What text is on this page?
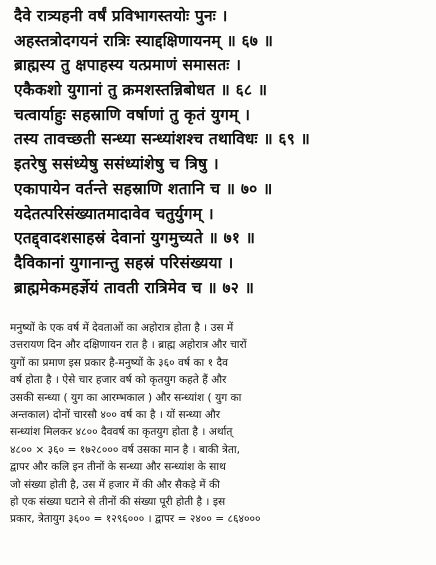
दैवे रात्र्यहनी वर्षं प्रविभागस्तयोः पुनः ।
अहस्तत्रोदगयनं रात्रिः स्याद्दक्षिणायनम् ॥ ६७ ॥
ब्राह्मस्य तु क्षपाहस्य यत्प्रमाणं समासतः ।
एकैकशो युगानां तु क्रमशस्तन्निबोधत ॥ ६८ ॥
चत्वार्याहुः सहस्राणि वर्षाणां तु कृतं युगम् ।
तस्य तावच्छती सन्ध्या सन्ध्यांशश्च तथाविधः ॥ ६९ ॥
इतरेषु ससंध्येषु ससंध्यांशेषु च त्रिषु ।
एकापायेन वर्तन्ते सहस्राणि शतानि च ॥ ७० ॥
यदेतत्परिसंख्यातमादावेव चतुर्युगम् ।
एतद्द्वादशसाहस्रं देवानां युगमुच्यते ॥ ७१ ॥
दैविकानां युगानान्तु सहस्रं परिसंख्यया ।
ब्राह्ममेकमहर्ज्ञेयं तावती रात्रिमेव च ॥ ७२ ॥
मनुष्यों के एक वर्ष में देवताओं का अहोरात्र होता है । उस में
उत्तरायण दिन और दक्षिणायन रात है । ब्राह्म अहोरात्र और चारों
युगों का प्रमाण इस प्रकार है-मनुष्यों के ३६० वर्ष का १ दैव
वर्ष होता है । ऐसे चार हजार वर्ष को कृतयुग कहते हैं और
उसकी सन्ध्या ( युग का आरम्भकाल ) और सन्ध्यांश ( युग का
अन्तकाल) दोनों चारसौ ४०० वर्ष का है । यों सन्ध्या और
सन्ध्यांश मिलकर ४८०० दैववर्ष का कृतयुग होता है । अर्थात्
४८०० × ३६० = १७२८००० वर्ष उसका मान है । बाकी त्रेता,
द्वापर और कलि इन तीनों के सन्ध्या और सन्ध्यांश के साथ
जो संख्या होती है, उस में हजार में की और सैकड़े में की
हो एक संख्या घटाने से तीनों की संख्या पूरी होती है । इस
प्रकार, त्रेतायुग ३६०० = १२९६००० । द्वापर = २४०० = ८६४०००
